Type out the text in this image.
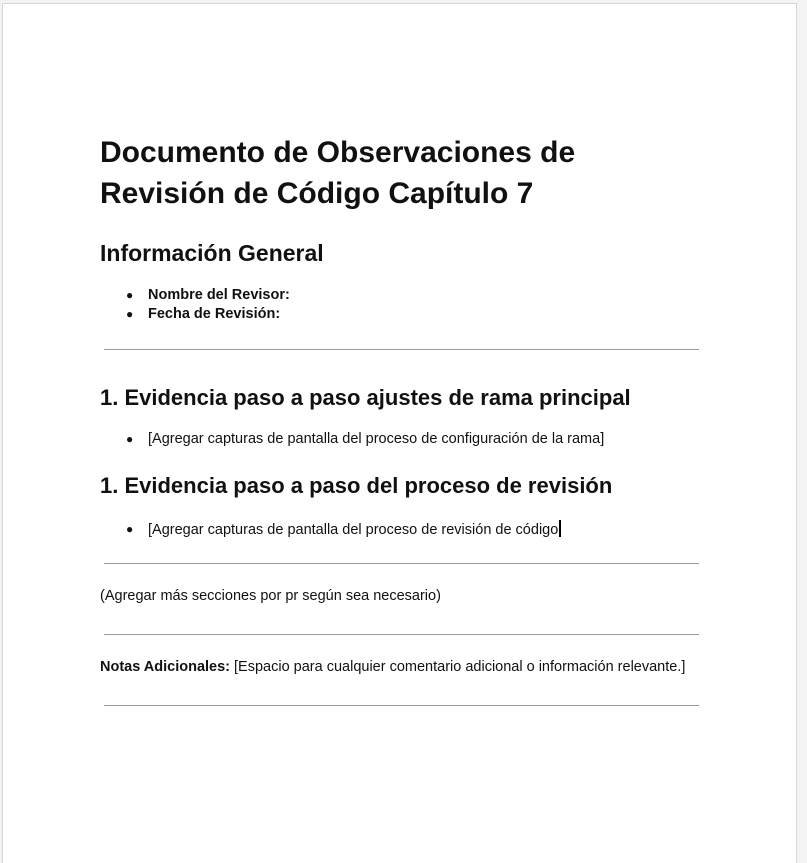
Documento de Observaciones de Revisión de Código Capítulo 7
Información General
● Nombre del Revisor:
● Fecha de Revisión:
1. Evidencia paso a paso ajustes de rama principal
● [Agregar capturas de pantalla del proceso de configuración de la rama]
1. Evidencia paso a paso del proceso de revisión
● [Agregar capturas de pantalla del proceso de revisión de código

(Agregar más secciones por pr según sea necesario)

Notas Adicionales: [Espacio para cualquier comentario adicional o información relevante.]
